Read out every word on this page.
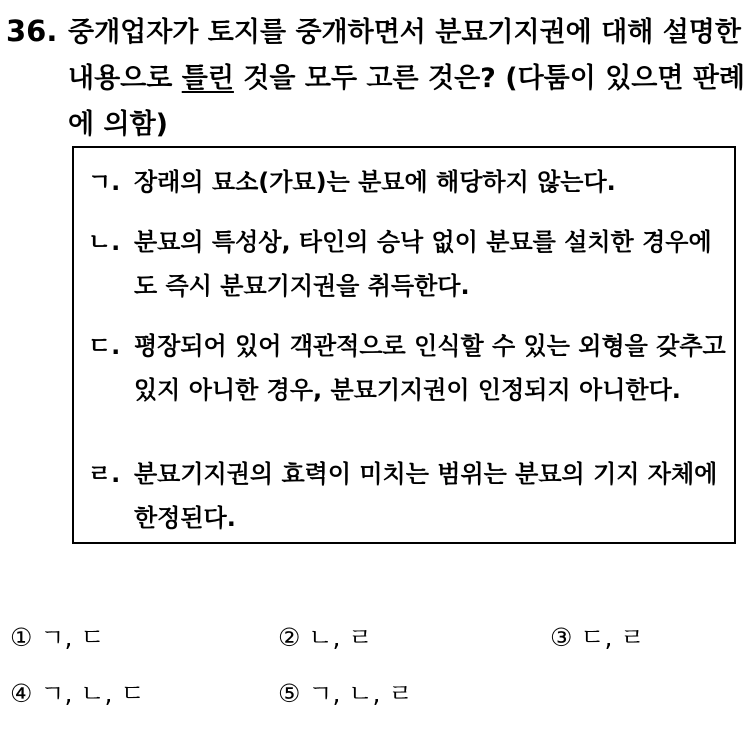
36. 중개업자가 토지를 중개하면서 분묘기지권에 대해 설명한 내용으로 틀린 것을 모두 고른 것은? (다툼이 있으면 판례에 의함)
ㄱ. 장래의 묘소(가묘)는 분묘에 해당하지 않는다.
ㄴ. 분묘의 특성상, 타인의 승낙 없이 분묘를 설치한 경우에도 즉시 분묘기지권을 취득한다.
ㄷ. 평장되어 있어 객관적으로 인식할 수 있는 외형을 갖추고 있지 아니한 경우, 분묘기지권이 인정되지 아니한다.
ㄹ. 분묘기지권의 효력이 미치는 범위는 분묘의 기지 자체에 한정된다.
① ㄱ, ㄷ	② ㄴ, ㄹ	③ ㄷ, ㄹ
④ ㄱ, ㄴ, ㄷ	⑤ ㄱ, ㄴ, ㄹ
